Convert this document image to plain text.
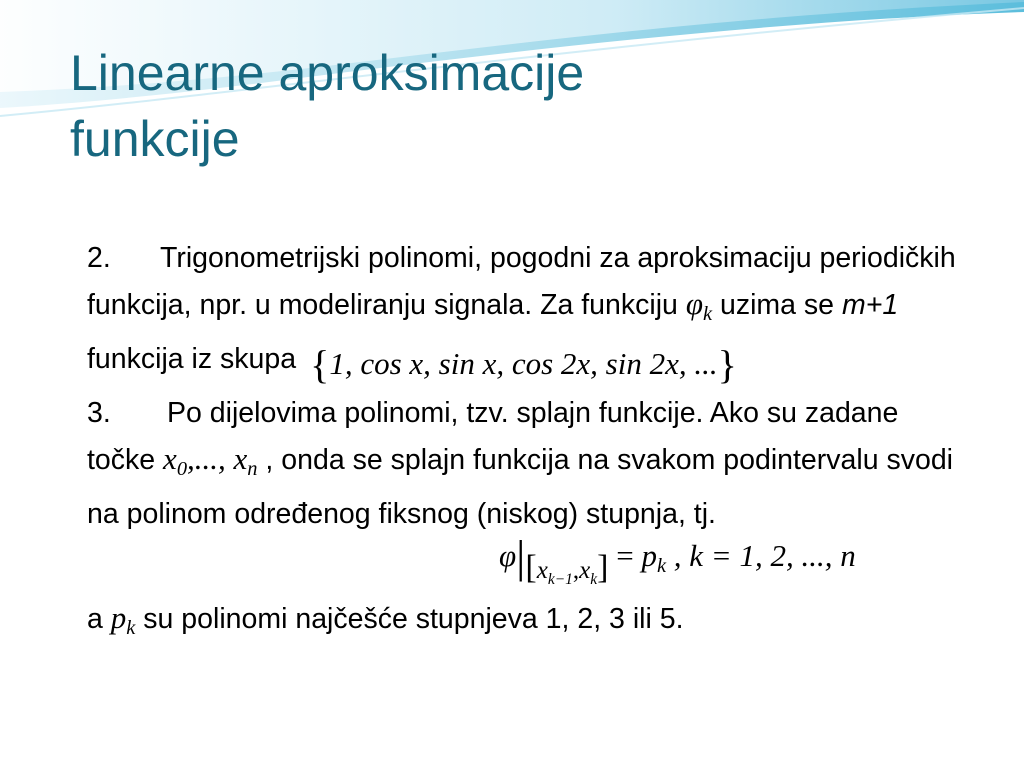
Linearne aproksimacije
funkcije

2. Trigonometrijski polinomi, pogodni za aproksimaciju periodičkih funkcija, npr. u modeliranju signala. Za funkciju $\varphi_k$ uzima se m+1 funkcija iz skupa {1, cos x, sin x, cos 2x, sin 2x, ...}

3. Po dijelovima polinomi, tzv. splajn funkcije. Ako su zadane točke $x_0$,..., $x_n$ , onda se splajn funkcija na svakom podintervalu svodi na polinom određenog fiksnog (niskog) stupnja, tj.

$\varphi|_{[x_{k-1},x_k]} = p_k$ , k = 1, 2, ..., n

a $p_k$ su polinomi najčešće stupnjeva 1, 2, 3 ili 5.
